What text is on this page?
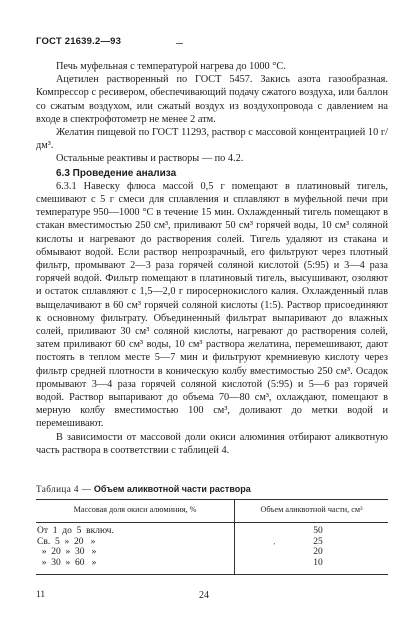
ГОСТ 21639.2—93

Печь муфельная с температурой нагрева до 1000 °С.

Ацетилен растворенный по ГОСТ 5457. Закись азота газообразная. Компрессор с ресивером, обеспечивающий подачу сжатого воздуха, или баллон со сжатым воздухом, или сжатый воздух из воздухопровода с давлением на входе в спектрофотометр не менее 2 атм.

Желатин пищевой по ГОСТ 11293, раствор с массовой концентрацией 10 г/дм³.

Остальные реактивы и растворы — по 4.2.

6.3 Проведение анализа

6.3.1 Навеску флюса массой 0,5 г помещают в платиновый тигель, смешивают с 5 г смеси для сплавления и сплавляют в муфельной печи при температуре 950—1000 °С в течение 15 мин. Охлажденный тигель помещают в стакан вместимостью 250 см³, приливают 50 см³ горячей воды, 10 см³ соляной кислоты и нагревают до растворения солей. Тигель удаляют из стакана и обмывают водой. Если раствор непрозрачный, его фильтруют через плотный фильтр, промывают 2—3 раза горячей соляной кислотой (5:95) и 3—4 раза горячей водой. Фильтр помещают в платиновый тигель, высушивают, озоляют и остаток сплавляют с 1,5—2,0 г пиросернокислого калия. Охлажденный плав выщелачивают в 60 см³ горячей соляной кислоты (1:5). Раствор присоединяют к основному фильтрату. Объединенный фильтрат выпаривают до влажных солей, приливают 30 см³ соляной кислоты, нагревают до растворения солей, затем приливают 60 см³ воды, 10 см³ раствора желатина, перемешивают, дают постоять в теплом месте 5—7 мин и фильтруют кремниевую кислоту через фильтр средней плотности в коническую колбу вместимостью 250 см³. Осадок промывают 3—4 раза горячей соляной кислотой (5:95) и 5—6 раз горячей водой. Раствор выпаривают до объема 70—80 см³, охлаждают, помещают в мерную колбу вместимостью 100 см³, доливают до метки водой и перемешивают.

В зависимости от массовой доли окиси алюминия отбирают аликвотную часть раствора в соответствии с таблицей 4.

Таблица 4 — Объем аликвотной части раствора
Массовая доля окиси алюминия, %	Объем аликвотной части, см³
От  1  до  5  включ.
Св.  5  »  20   »
»  20  »  30   »
»  30  »  60   »
ʼ
50
25
20
10
11	24
